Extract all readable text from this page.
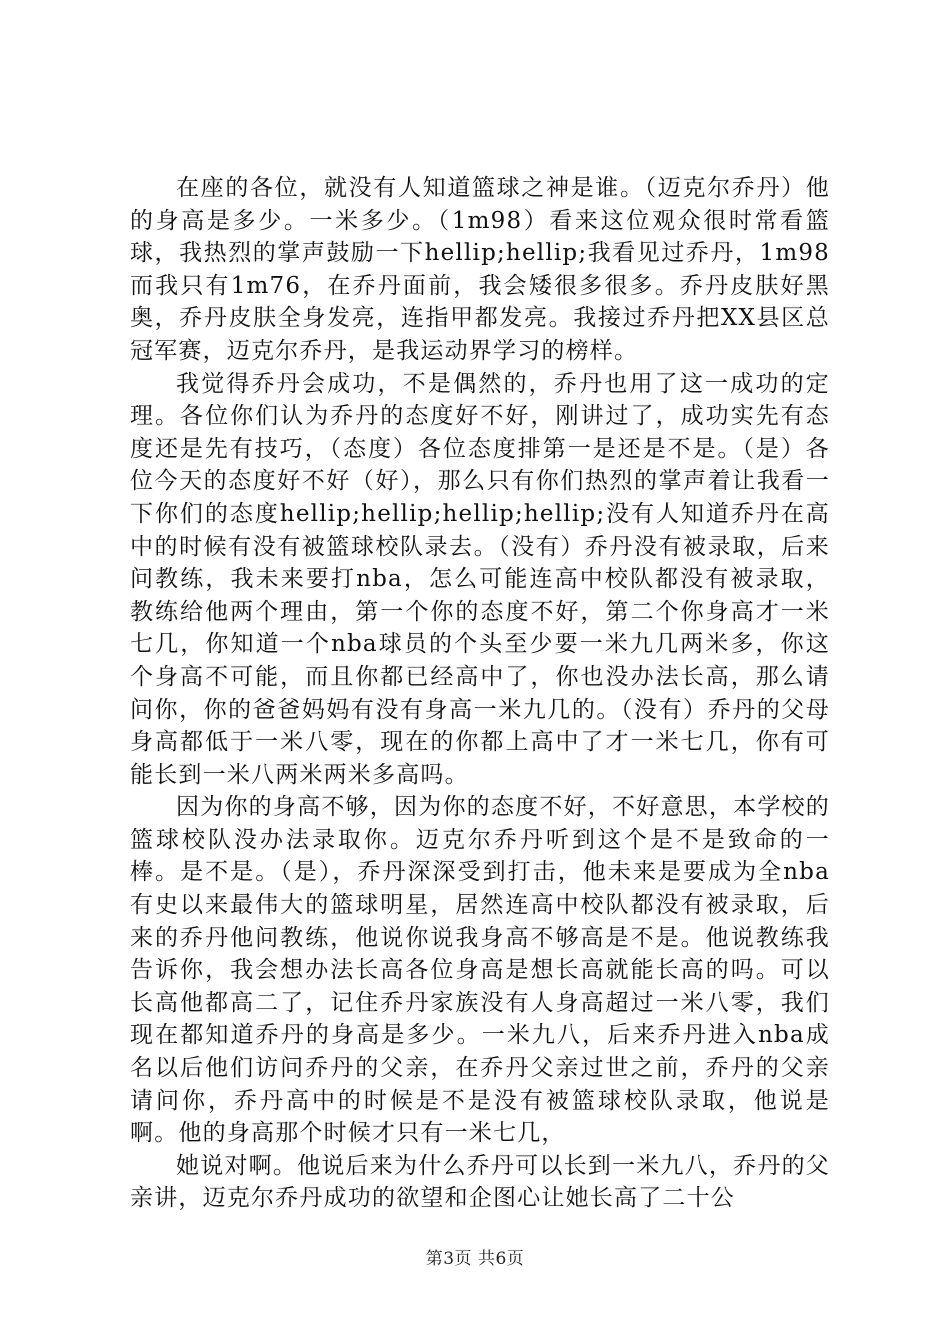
在座的各位，就没有人知道篮球之神是谁。（迈克尔乔丹）他的身高是多少。一米多少。（1m98）看来这位观众很时常看篮球，我热烈的掌声鼓励一下hellip;hellip;我看见过乔丹，1m98而我只有1m76，在乔丹面前，我会矮很多很多。乔丹皮肤好黑奥，乔丹皮肤全身发亮，连指甲都发亮。我接过乔丹把XX县区总冠军赛，迈克尔乔丹，是我运动界学习的榜样。

我觉得乔丹会成功，不是偶然的，乔丹也用了这一成功的定理。各位你们认为乔丹的态度好不好，刚讲过了，成功实先有态度还是先有技巧，（态度）各位态度排第一是还是不是。（是）各位今天的态度好不好（好），那么只有你们热烈的掌声着让我看一下你们的态度hellip;hellip;hellip;hellip;没有人知道乔丹在高中的时候有没有被篮球校队录去。（没有）乔丹没有被录取，后来问教练，我未来要打nba，怎么可能连高中校队都没有被录取，教练给他两个理由，第一个你的态度不好，第二个你身高才一米七几，你知道一个nba球员的个头至少要一米九几两米多，你这个身高不可能，而且你都已经高中了，你也没办法长高，那么请问你，你的爸爸妈妈有没有身高一米九几的。（没有）乔丹的父母身高都低于一米八零，现在的你都上高中了才一米七几，你有可能长到一米八两米两米多高吗。

因为你的身高不够，因为你的态度不好，不好意思，本学校的篮球校队没办法录取你。迈克尔乔丹听到这个是不是致命的一棒。是不是。（是），乔丹深深受到打击，他未来是要成为全nba有史以来最伟大的篮球明星，居然连高中校队都没有被录取，后来的乔丹他问教练，他说你说我身高不够高是不是。他说教练我告诉你，我会想办法长高各位身高是想长高就能长高的吗。可以长高他都高二了，记住乔丹家族没有人身高超过一米八零，我们现在都知道乔丹的身高是多少。一米九八，后来乔丹进入nba成名以后他们访问乔丹的父亲，在乔丹父亲过世之前，乔丹的父亲请问你，乔丹高中的时候是不是没有被篮球校队录取，他说是啊。他的身高那个时候才只有一米七几，

她说对啊。他说后来为什么乔丹可以长到一米九八，乔丹的父亲讲，迈克尔乔丹成功的欲望和企图心让她长高了二十公

第3页 共6页
